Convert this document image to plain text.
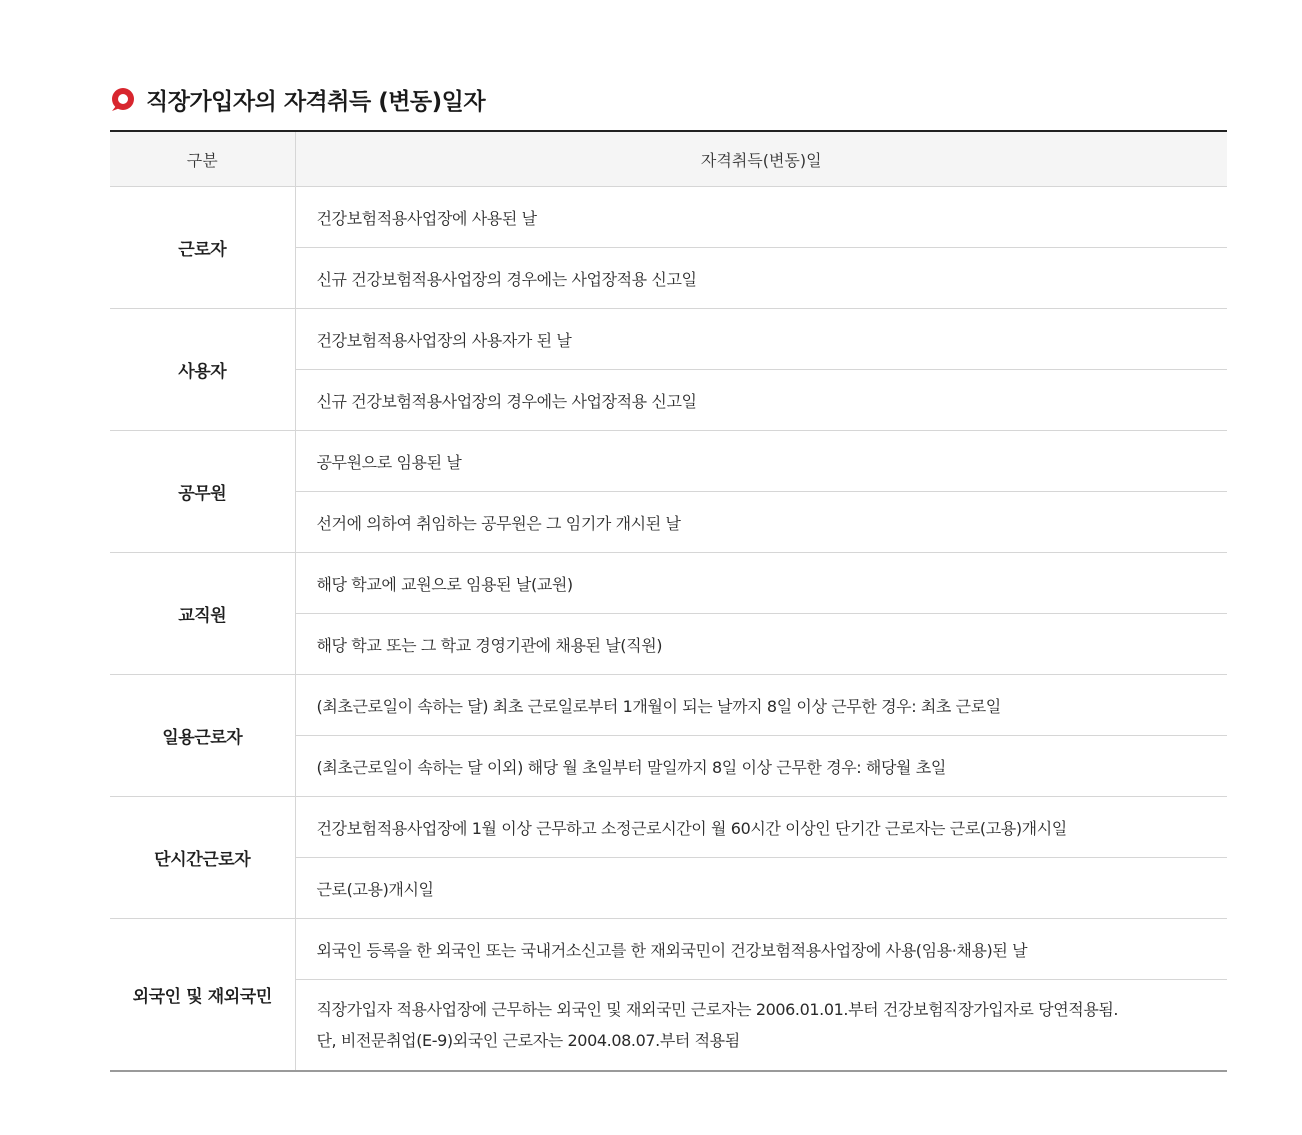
직장가입자의 자격취득 (변동)일자
구분	자격취득(변동)일
근로자	건강보험적용사업장에 사용된 날
	신규 건강보험적용사업장의 경우에는 사업장적용 신고일
사용자	건강보험적용사업장의 사용자가 된 날
	신규 건강보험적용사업장의 경우에는 사업장적용 신고일
공무원	공무원으로 임용된 날
	선거에 의하여 취임하는 공무원은 그 임기가 개시된 날
교직원	해당 학교에 교원으로 임용된 날(교원)
	해당 학교 또는 그 학교 경영기관에 채용된 날(직원)
일용근로자	(최초근로일이 속하는 달) 최초 근로일로부터 1개월이 되는 날까지 8일 이상 근무한 경우: 최초 근로일
	(최초근로일이 속하는 달 이외) 해당 월 초일부터 말일까지 8일 이상 근무한 경우: 해당월 초일
단시간근로자	건강보험적용사업장에 1월 이상 근무하고 소정근로시간이 월 60시간 이상인 단기간 근로자는 근로(고용)개시일
	근로(고용)개시일
외국인 및 재외국민	외국인 등록을 한 외국인 또는 국내거소신고를 한 재외국민이 건강보험적용사업장에 사용(임용·채용)된 날

	직장가입자 적용사업장에 근무하는 외국인 및 재외국민 근로자는 2006.01.01.부터 건강보험직장가입자로 당연적용됨.
단, 비전문취업(E-9)외국인 근로자는 2004.08.07.부터 적용됨
